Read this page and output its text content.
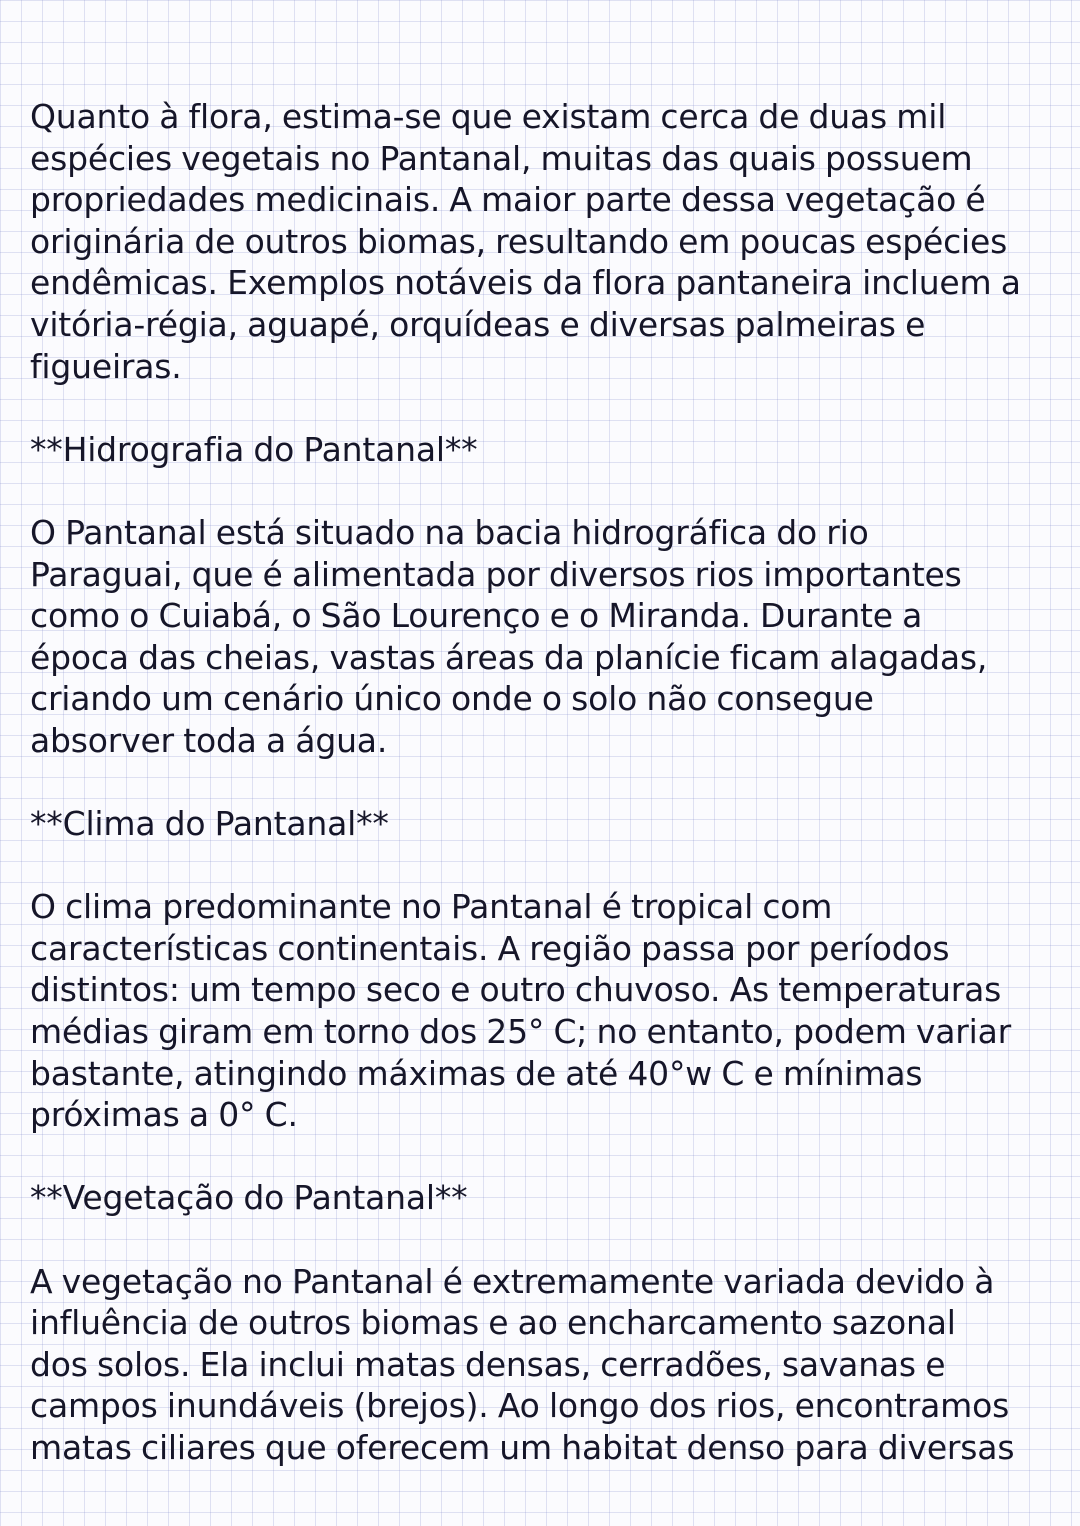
Quanto à flora, estima-se que existam cerca de duas mil
espécies vegetais no Pantanal, muitas das quais possuem
propriedades medicinais. A maior parte dessa vegetação é
originária de outros biomas, resultando em poucas espécies
endêmicas. Exemplos notáveis da flora pantaneira incluem a
vitória-régia, aguapé, orquídeas e diversas palmeiras e
figueiras.

**Hidrografia do Pantanal**

O Pantanal está situado na bacia hidrográfica do rio
Paraguai, que é alimentada por diversos rios importantes
como o Cuiabá, o São Lourenço e o Miranda. Durante a
época das cheias, vastas áreas da planície ficam alagadas,
criando um cenário único onde o solo não consegue
absorver toda a água.

**Clima do Pantanal**

O clima predominante no Pantanal é tropical com
características continentais. A região passa por períodos
distintos: um tempo seco e outro chuvoso. As temperaturas
médias giram em torno dos 25° C; no entanto, podem variar
bastante, atingindo máximas de até 40°w C e mínimas
próximas a 0° C.

**Vegetação do Pantanal**

A vegetação no Pantanal é extremamente variada devido à
influência de outros biomas e ao encharcamento sazonal
dos solos. Ela inclui matas densas, cerradões, savanas e
campos inundáveis (brejos). Ao longo dos rios, encontramos
matas ciliares que oferecem um habitat denso para diversas
